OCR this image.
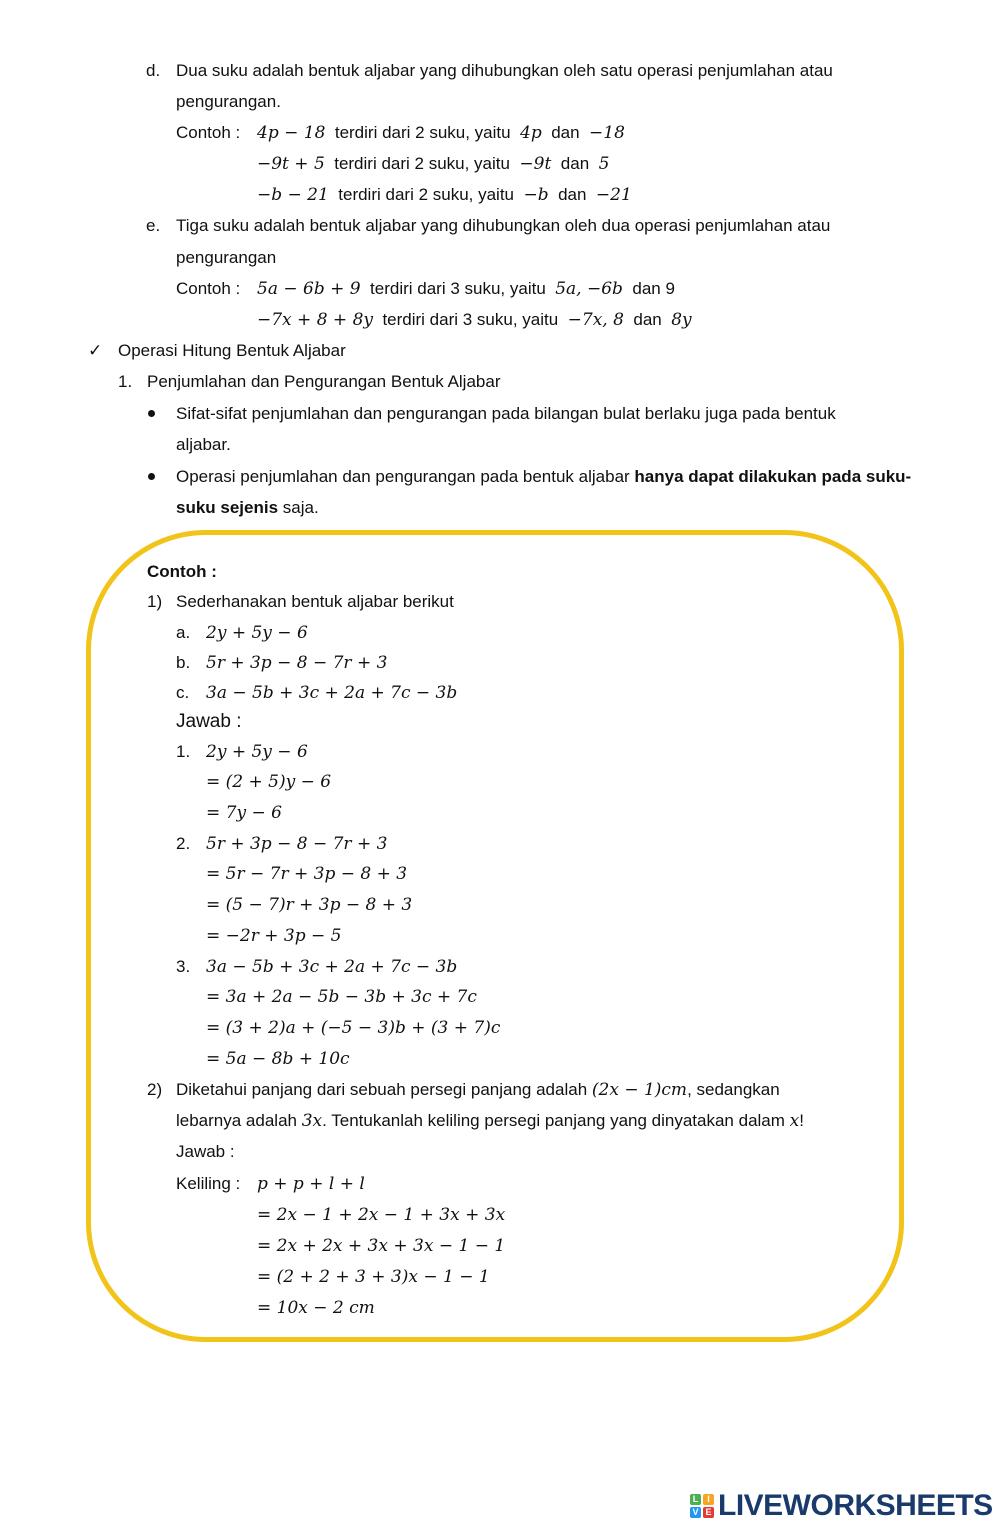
d. Dua suku adalah bentuk aljabar yang dihubungkan oleh satu operasi penjumlahan atau
pengurangan.
Contoh : 4p − 18 terdiri dari 2 suku, yaitu 4p dan −18
−9t + 5 terdiri dari 2 suku, yaitu −9t dan 5
−b − 21 terdiri dari 2 suku, yaitu −b dan −21
e. Tiga suku adalah bentuk aljabar yang dihubungkan oleh dua operasi penjumlahan atau
pengurangan
Contoh : 5a − 6b + 9 terdiri dari 3 suku, yaitu 5a, −6b dan 9
−7x + 8 + 8y terdiri dari 3 suku, yaitu −7x, 8 dan 8y
✓ Operasi Hitung Bentuk Aljabar
1. Penjumlahan dan Pengurangan Bentuk Aljabar
Sifat-sifat penjumlahan dan pengurangan pada bilangan bulat berlaku juga pada bentuk
aljabar.
Operasi penjumlahan dan pengurangan pada bentuk aljabar hanya dapat dilakukan pada suku-
suku sejenis saja.
Contoh :
1) Sederhanakan bentuk aljabar berikut
a. 2y + 5y − 6
b. 5r + 3p − 8 − 7r + 3
c. 3a − 5b + 3c + 2a + 7c − 3b
Jawab :
1. 2y + 5y − 6
= (2 + 5)y − 6
= 7y − 6
2. 5r + 3p − 8 − 7r + 3
= 5r − 7r + 3p − 8 + 3
= (5 − 7)r + 3p − 8 + 3
= −2r + 3p − 5
3. 3a − 5b + 3c + 2a + 7c − 3b
= 3a + 2a − 5b − 3b + 3c + 7c
= (3 + 2)a + (−5 − 3)b + (3 + 7)c
= 5a − 8b + 10c
2) Diketahui panjang dari sebuah persegi panjang adalah (2x − 1)cm, sedangkan
lebarnya adalah 3x. Tentukanlah keliling persegi panjang yang dinyatakan dalam x!
Jawab :
Keliling : p + p + l + l
= 2x − 1 + 2x − 1 + 3x + 3x
= 2x + 2x + 3x + 3x − 1 − 1
= (2 + 2 + 3 + 3)x − 1 − 1
= 10x − 2 cm
L I
V E LIVEWORKSHEETS
